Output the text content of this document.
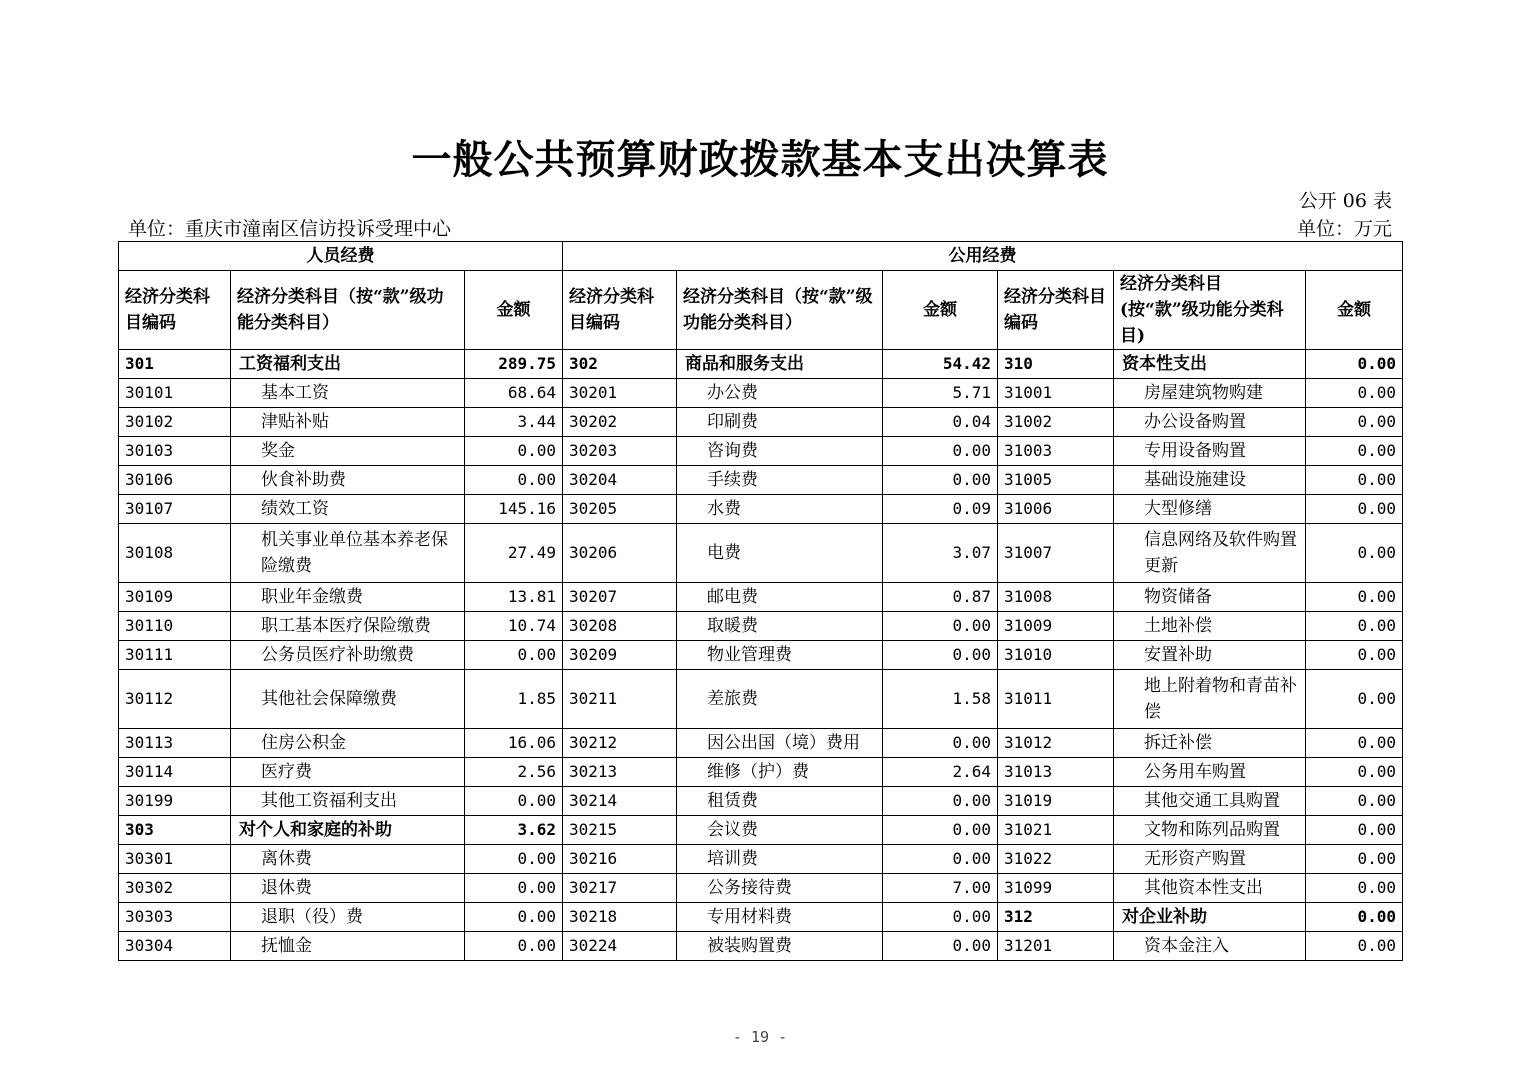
一般公共预算财政拨款基本支出决算表
公开 06 表
单位：重庆市潼南区信访投诉受理中心	单位：万元
人员经费			公用经费					
经济分类科目编码	经济分类科目（按“款”级功能分类科目）	金额	经济分类科目编码	经济分类科目（按“款”级功能分类科目）	金额	经济分类科目编码	经济分类科目(按“款”级功能分类科目)	金额
301	工资福利支出	289.75	302	商品和服务支出	54.42	310	资本性支出	0.00
30101	基本工资	68.64	30201	办公费	5.71	31001	房屋建筑物购建	0.00
30102	津贴补贴	3.44	30202	印刷费	0.04	31002	办公设备购置	0.00
30103	奖金	0.00	30203	咨询费	0.00	31003	专用设备购置	0.00
30106	伙食补助费	0.00	30204	手续费	0.00	31005	基础设施建设	0.00
30107	绩效工资	145.16	30205	水费	0.09	31006	大型修缮	0.00
30108	机关事业单位基本养老保险缴费	27.49	30206	电费	3.07	31007	信息网络及软件购置更新	0.00
30109	职业年金缴费	13.81	30207	邮电费	0.87	31008	物资储备	0.00
30110	职工基本医疗保险缴费	10.74	30208	取暖费	0.00	31009	土地补偿	0.00
30111	公务员医疗补助缴费	0.00	30209	物业管理费	0.00	31010	安置补助	0.00
30112	其他社会保障缴费	1.85	30211	差旅费	1.58	31011	地上附着物和青苗补偿	0.00
30113	住房公积金	16.06	30212	因公出国（境）费用	0.00	31012	拆迁补偿	0.00
30114	医疗费	2.56	30213	维修（护）费	2.64	31013	公务用车购置	0.00
30199	其他工资福利支出	0.00	30214	租赁费	0.00	31019	其他交通工具购置	0.00
303	对个人和家庭的补助	3.62	30215	会议费	0.00	31021	文物和陈列品购置	0.00
30301	离休费	0.00	30216	培训费	0.00	31022	无形资产购置	0.00
30302	退休费	0.00	30217	公务接待费	7.00	31099	其他资本性支出	0.00
30303	退职（役）费	0.00	30218	专用材料费	0.00	312	对企业补助	0.00
30304	抚恤金	0.00	30224	被装购置费	0.00	31201	资本金注入	0.00
- 19 -
